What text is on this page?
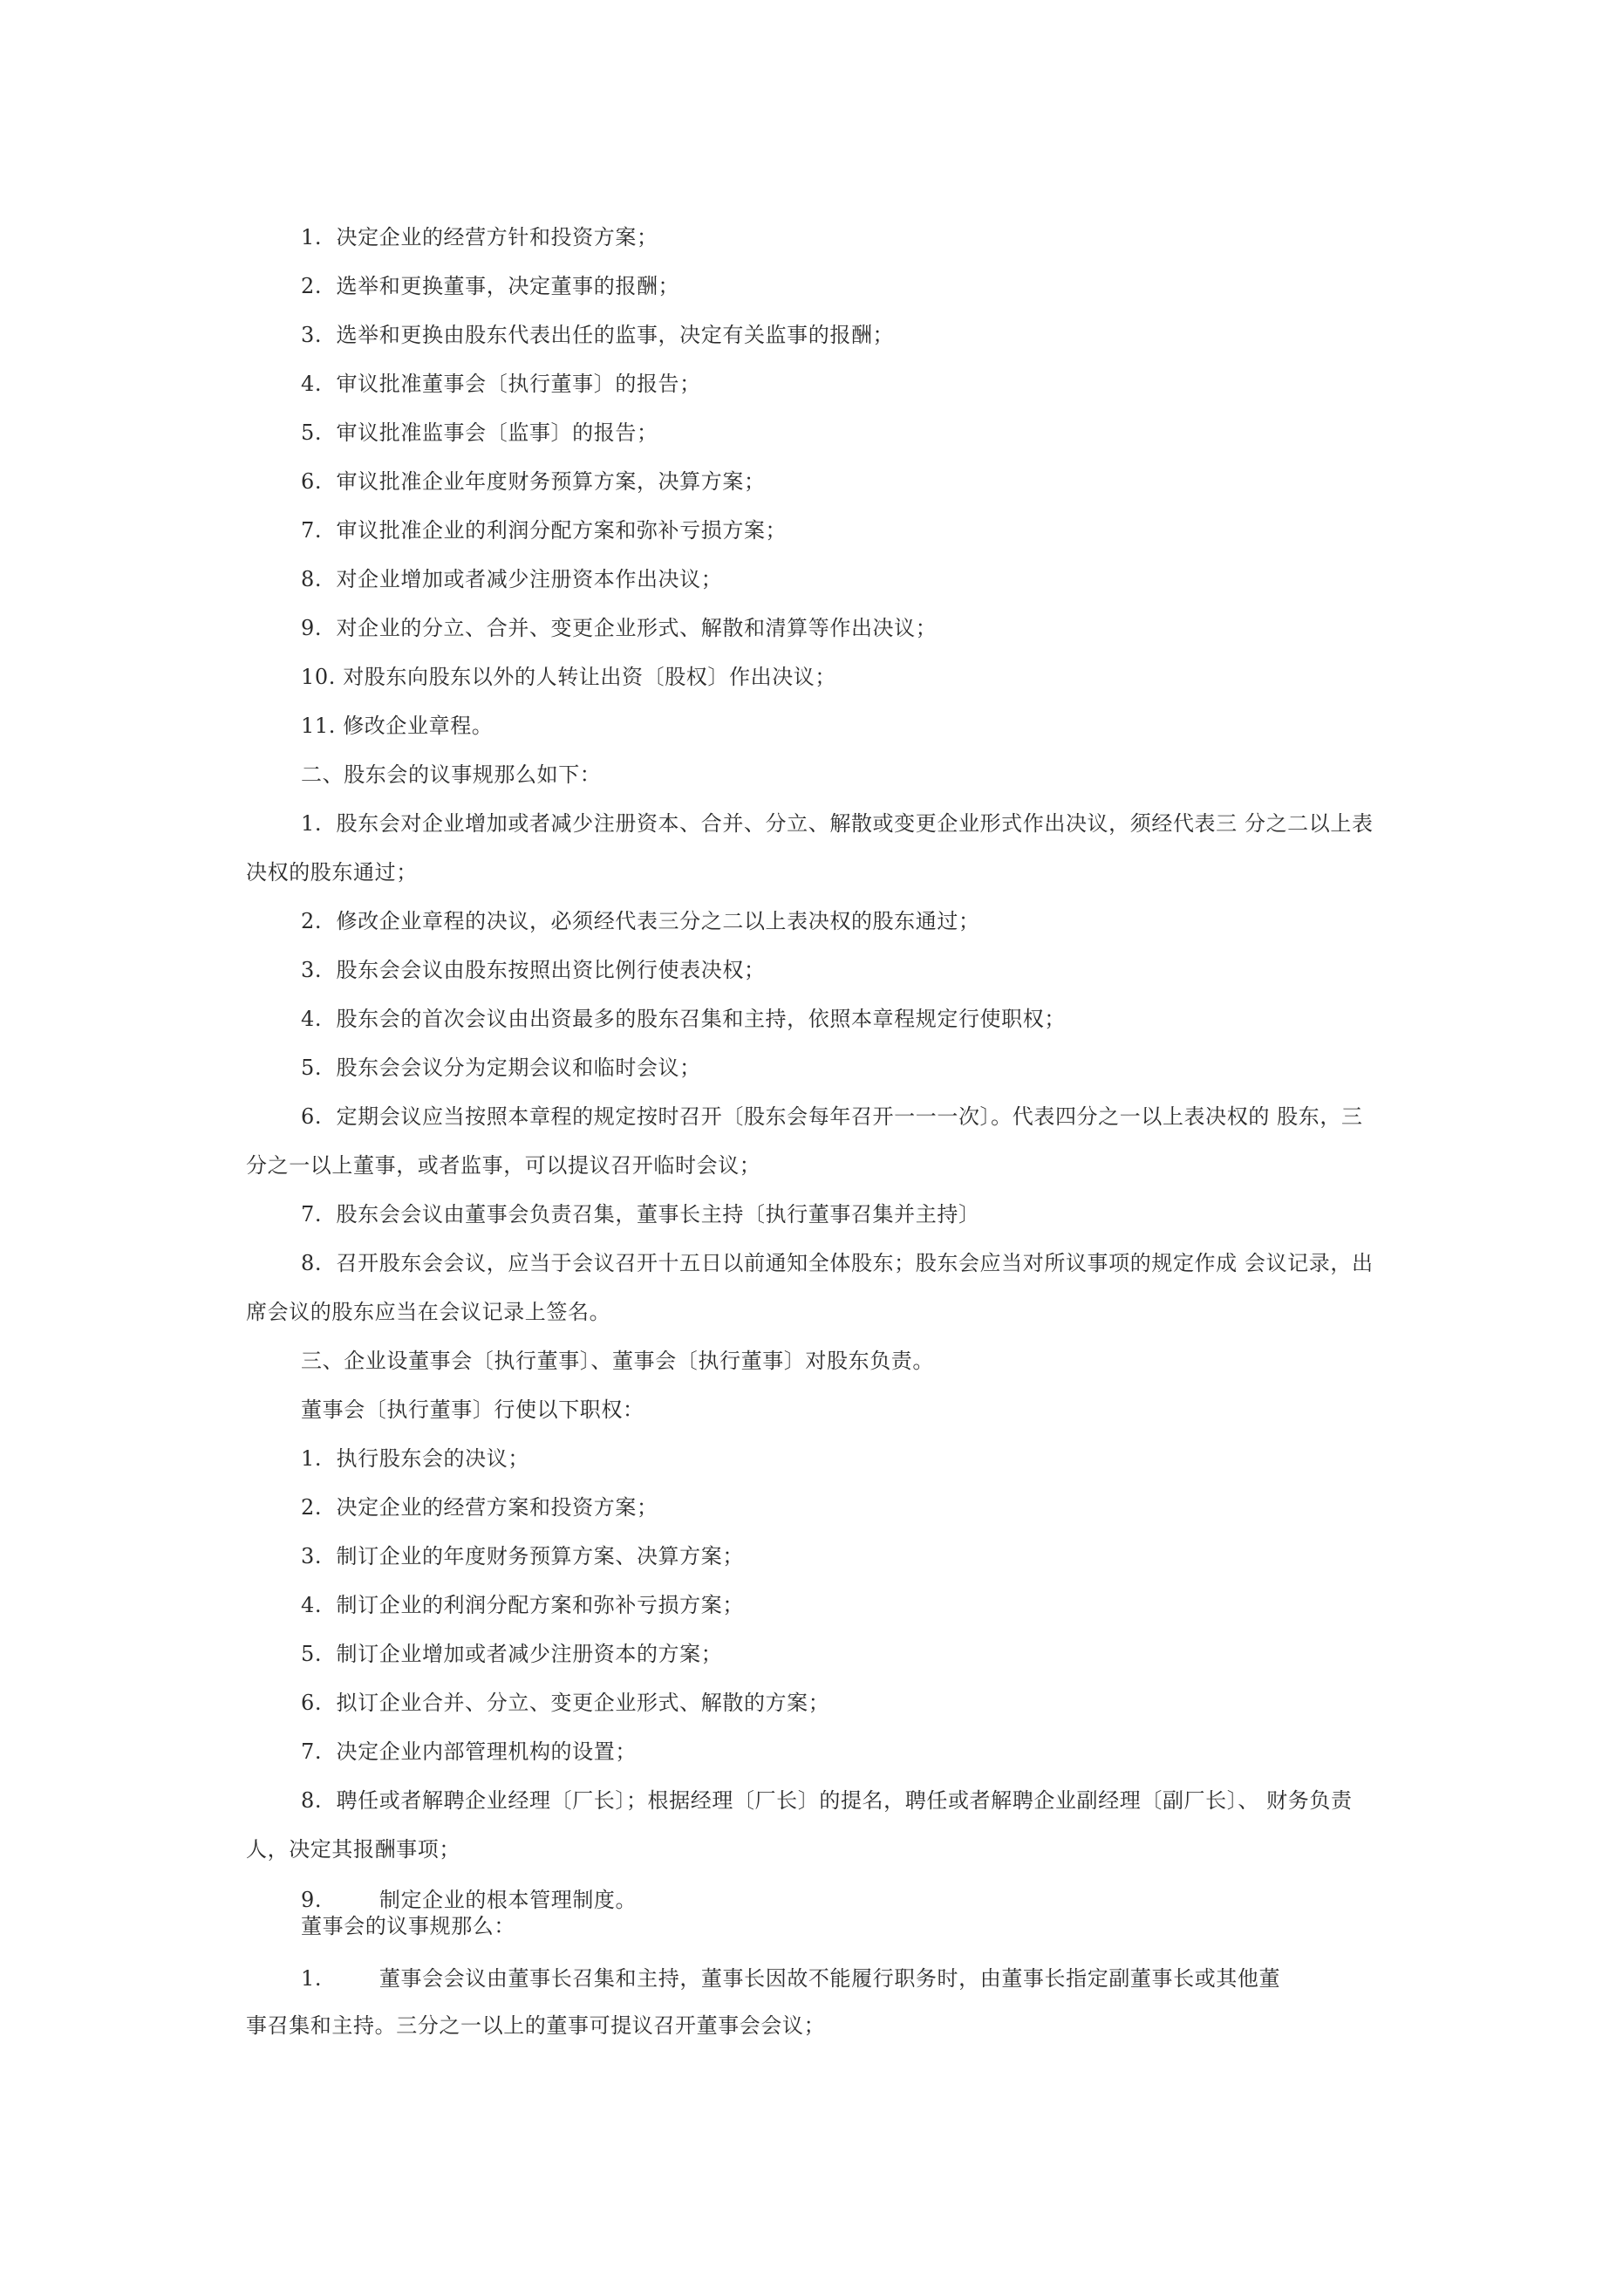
1.  决定企业的经营方针和投资方案；
2.  选举和更换董事，决定董事的报酬；
3.  选举和更换由股东代表出任的监事，决定有关监事的报酬；
4.  审议批准董事会〔执行董事〕的报告；
5.  审议批准监事会〔监事〕的报告；
6.  审议批准企业年度财务预算方案，决算方案；
7.  审议批准企业的利润分配方案和弥补亏损方案；
8.  对企业增加或者减少注册资本作出决议；
9.  对企业的分立、合并、变更企业形式、解散和清算等作出决议；
10. 对股东向股东以外的人转让出资〔股权〕作出决议；
11. 修改企业章程。
二、股东会的议事规那么如下：
1.  股东会对企业增加或者减少注册资本、合并、分立、解散或变更企业形式作出决议，须经代表三 分之二以上表
决权的股东通过；
2.  修改企业章程的决议，必须经代表三分之二以上表决权的股东通过；
3.  股东会会议由股东按照出资比例行使表决权；
4.  股东会的首次会议由出资最多的股东召集和主持，依照本章程规定行使职权；
5.  股东会会议分为定期会议和临时会议；
6.  定期会议应当按照本章程的规定按时召开〔股东会每年召开一一一次〕。代表四分之一以上表决权的 股东，三
分之一以上董事，或者监事，可以提议召开临时会议；
7.  股东会会议由董事会负责召集，董事长主持〔执行董事召集并主持〕
8.  召开股东会会议，应当于会议召开十五日以前通知全体股东；股东会应当对所议事项的规定作成 会议记录，出
席会议的股东应当在会议记录上签名。
三、企业设董事会〔执行董事〕、董事会〔执行董事〕对股东负责。
董事会〔执行董事〕行使以下职权：
1.  执行股东会的决议；
2.  决定企业的经营方案和投资方案；
3.  制订企业的年度财务预算方案、决算方案；
4.  制订企业的利润分配方案和弥补亏损方案；
5.  制订企业增加或者减少注册资本的方案；
6.  拟订企业合并、分立、变更企业形式、解散的方案；
7.  决定企业内部管理机构的设置；
8.  聘任或者解聘企业经理〔厂长〕；根据经理〔厂长〕的提名，聘任或者解聘企业副经理〔副厂长〕、 财务负责
人，决定其报酬事项；
9.        制定企业的根本管理制度。
董事会的议事规那么：
1.        董事会会议由董事长召集和主持，董事长因故不能履行职务时，由董事长指定副董事长或其他董
事召集和主持。三分之一以上的董事可提议召开董事会会议；
